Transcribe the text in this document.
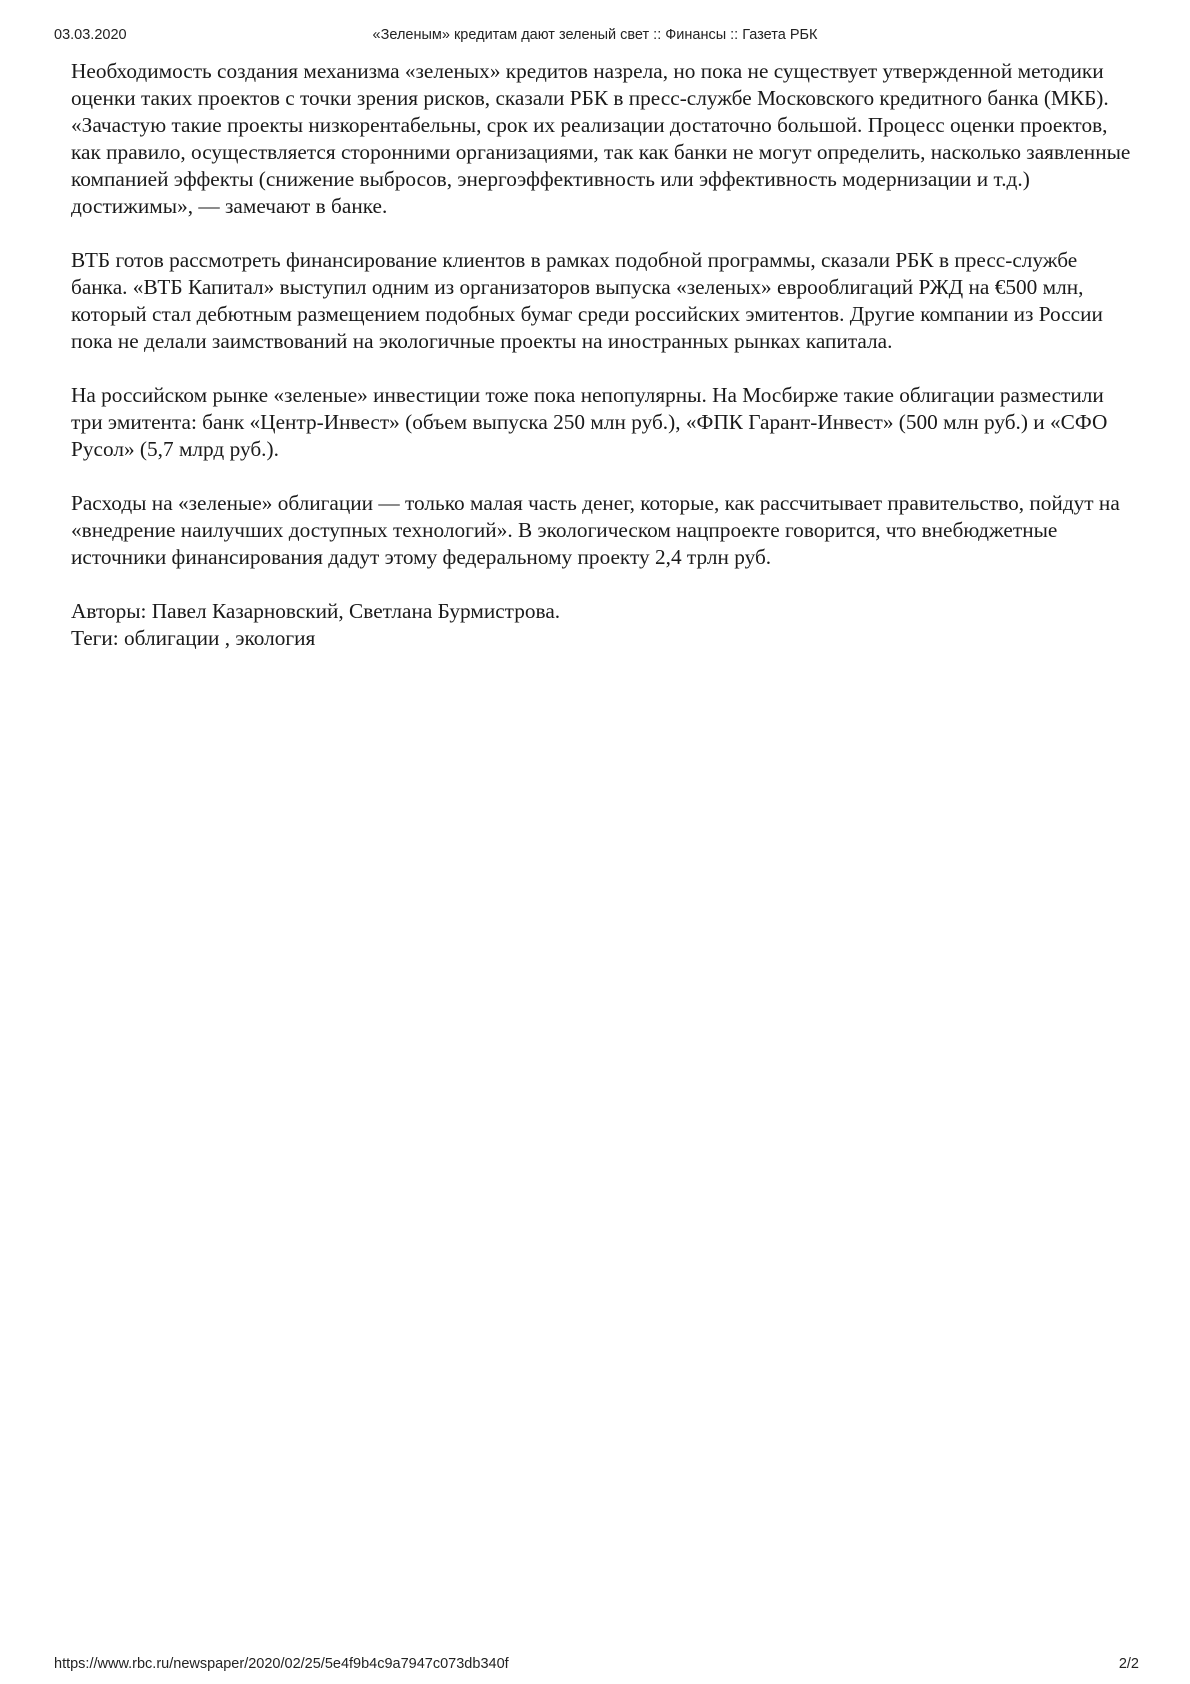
03.03.2020	«Зеленым» кредитам дают зеленый свет :: Финансы :: Газета РБК

Необходимость создания механизма «зеленых» кредитов назрела, но пока не существует утвержденной методики оценки таких проектов с точки зрения рисков, сказали РБК в пресс-службе Московского кредитного банка (МКБ). «Зачастую такие проекты низкорентабельны, срок их реализации достаточно большой. Процесс оценки проектов, как правило, осуществляется сторонними организациями, так как банки не могут определить, насколько заявленные компанией эффекты (снижение выбросов, энергоэффективность или эффективность модернизации и т.д.) достижимы», — замечают в банке.

ВТБ готов рассмотреть финансирование клиентов в рамках подобной программы, сказали РБК в пресс-службе банка. «ВТБ Капитал» выступил одним из организаторов выпуска «зеленых» еврооблигаций РЖД на €500 млн, который стал дебютным размещением подобных бумаг среди российских эмитентов. Другие компании из России пока не делали заимствований на экологичные проекты на иностранных рынках капитала.

На российском рынке «зеленые» инвестиции тоже пока непопулярны. На Мосбирже такие облигации разместили три эмитента: банк «Центр-Инвест» (объем выпуска 250 млн руб.), «ФПК Гарант-Инвест» (500 млн руб.) и «СФО Русол» (5,7 млрд руб.).

Расходы на «зеленые» облигации — только малая часть денег, которые, как рассчитывает правительство, пойдут на «внедрение наилучших доступных технологий». В экологическом нацпроекте говорится, что внебюджетные источники финансирования дадут этому федеральному проекту 2,4 трлн руб.

Авторы: Павел Казарновский, Светлана Бурмистрова.
Теги: облигации , экология
https://www.rbc.ru/newspaper/2020/02/25/5e4f9b4c9a7947c073db340f	2/2
